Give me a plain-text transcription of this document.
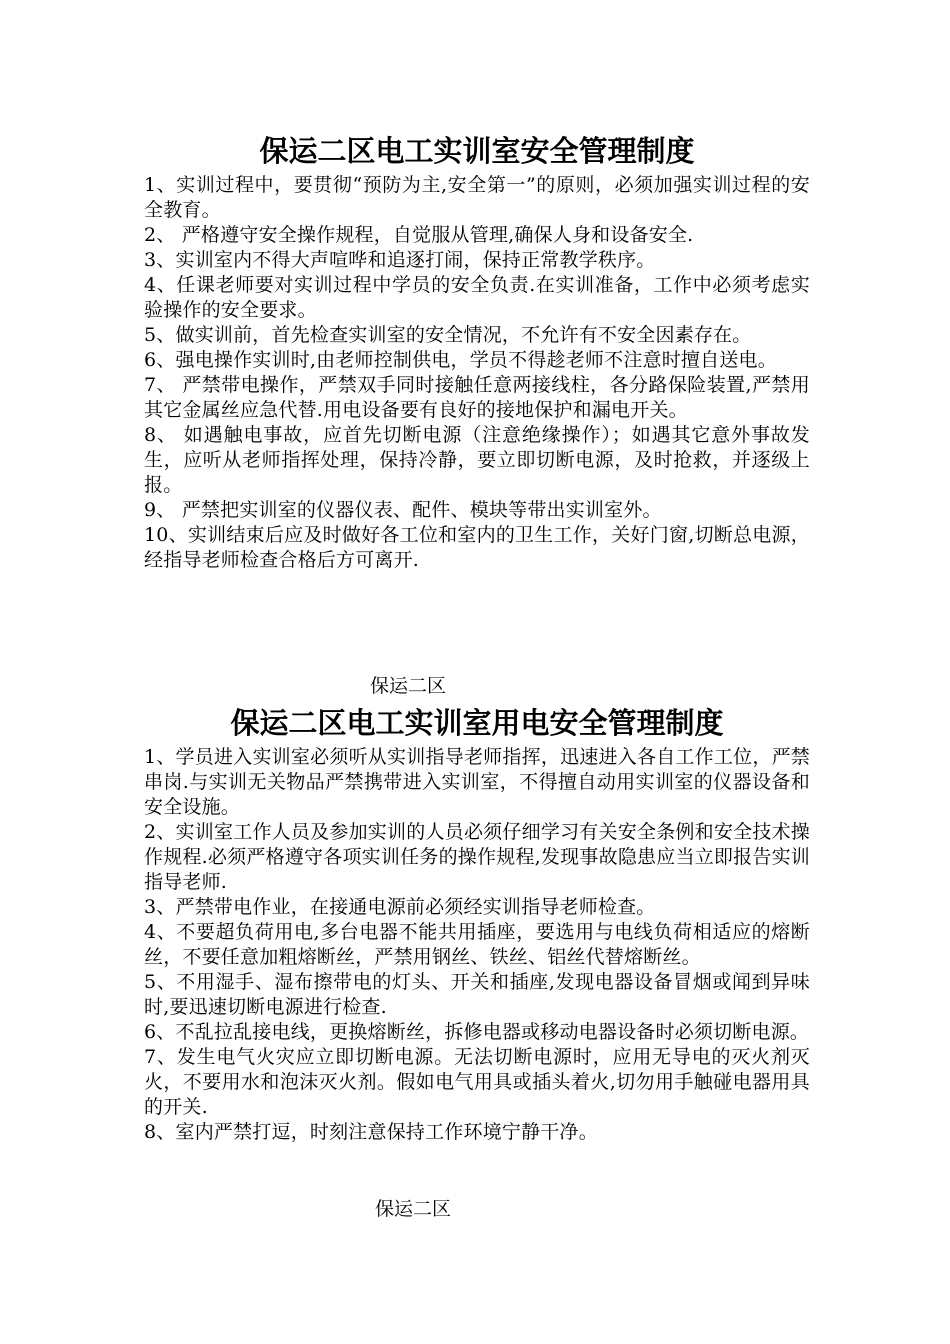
保运二区电工实训室安全管理制度

1、实训过程中，要贯彻“预防为主,安全第一”的原则，必须加强实训过程的安全教育。

2、 严格遵守安全操作规程，自觉服从管理,确保人身和设备安全.

3、实训室内不得大声喧哗和追逐打闹，保持正常教学秩序。

4、任课老师要对实训过程中学员的安全负责.在实训准备，工作中必须考虑实验操作的安全要求。

5、做实训前，首先检查实训室的安全情况，不允许有不安全因素存在。

6、强电操作实训时,由老师控制供电，学员不得趁老师不注意时擅自送电。

7、 严禁带电操作，严禁双手同时接触任意两接线柱，各分路保险装置,严禁用其它金属丝应急代替.用电设备要有良好的接地保护和漏电开关。

8、 如遇触电事故，应首先切断电源（注意绝缘操作）；如遇其它意外事故发生，应听从老师指挥处理，保持冷静，要立即切断电源，及时抢救，并逐级上报。

9、 严禁把实训室的仪器仪表、配件、模块等带出实训室外。

10、实训结束后应及时做好各工位和室内的卫生工作，关好门窗,切断总电源，经指导老师检查合格后方可离开.

保运二区
保运二区电工实训室用电安全管理制度

1、学员进入实训室必须听从实训指导老师指挥，迅速进入各自工作工位，严禁串岗.与实训无关物品严禁携带进入实训室，不得擅自动用实训室的仪器设备和安全设施。

2、实训室工作人员及参加实训的人员必须仔细学习有关安全条例和安全技术操作规程.必须严格遵守各项实训任务的操作规程,发现事故隐患应当立即报告实训指导老师.

3、严禁带电作业，在接通电源前必须经实训指导老师检查。

4、不要超负荷用电,多台电器不能共用插座，要选用与电线负荷相适应的熔断丝，不要任意加粗熔断丝，严禁用钢丝、铁丝、铝丝代替熔断丝。

5、不用湿手、湿布擦带电的灯头、开关和插座,发现电器设备冒烟或闻到异味时,要迅速切断电源进行检查.

6、不乱拉乱接电线，更换熔断丝，拆修电器或移动电器设备时必须切断电源。

7、发生电气火灾应立即切断电源。无法切断电源时，应用无导电的灭火剂灭火，不要用水和泡沫灭火剂。假如电气用具或插头着火,切勿用手触碰电器用具的开关.

8、室内严禁打逗，时刻注意保持工作环境宁静干净。

保运二区
